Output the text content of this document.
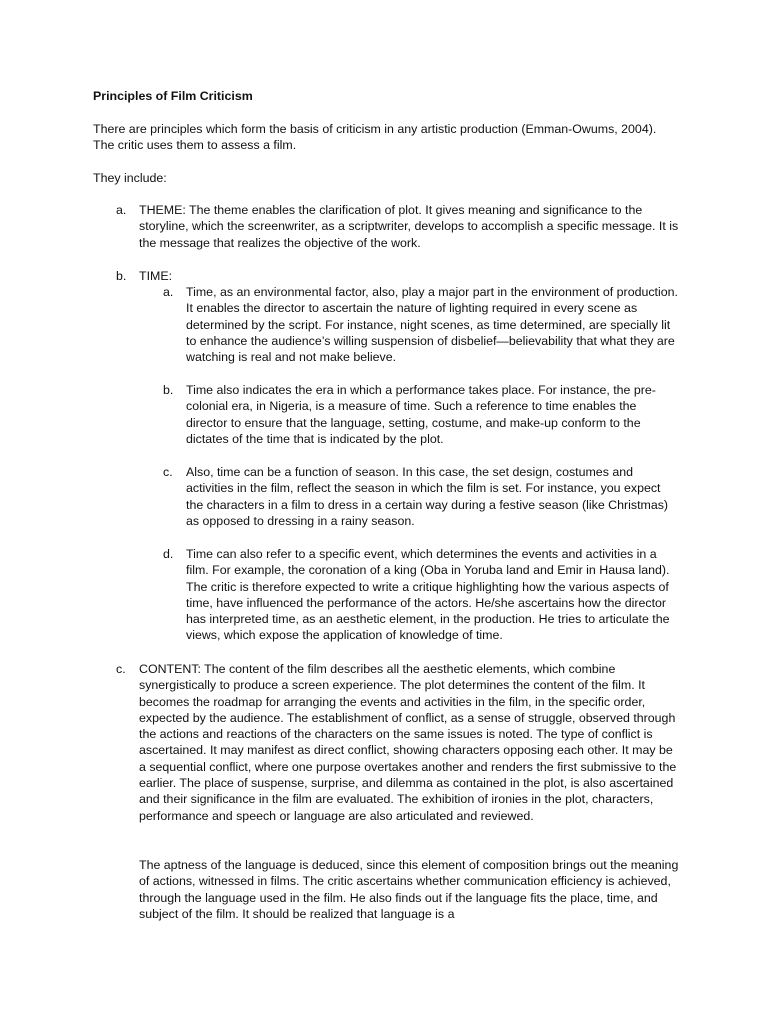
Principles of Film Criticism
There are principles which form the basis of criticism in any artistic production (Emman-Owums, 2004). The critic uses them to assess a film.
They include:
a. THEME: The theme enables the clarification of plot. It gives meaning and significance to the storyline, which the screenwriter, as a scriptwriter, develops to accomplish a specific message. It is the message that realizes the objective of the work.
b. TIME:
a. Time, as an environmental factor, also, play a major part in the environment of production. It enables the director to ascertain the nature of lighting required in every scene as determined by the script. For instance, night scenes, as time determined, are specially lit to enhance the audience’s willing suspension of disbelief—believability that what they are watching is real and not make believe.
b. Time also indicates the era in which a performance takes place. For instance, the pre-colonial era, in Nigeria, is a measure of time. Such a reference to time enables the director to ensure that the language, setting, costume, and make-up conform to the dictates of the time that is indicated by the plot.
c. Also, time can be a function of season. In this case, the set design, costumes and activities in the film, reflect the season in which the film is set. For instance, you expect the characters in a film to dress in a certain way during a festive season (like Christmas) as opposed to dressing in a rainy season.
d. Time can also refer to a specific event, which determines the events and activities in a film. For example, the coronation of a king (Oba in Yoruba land and Emir in Hausa land). The critic is therefore expected to write a critique highlighting how the various aspects of time, have influenced the performance of the actors. He/she ascertains how the director has interpreted time, as an aesthetic element, in the production. He tries to articulate the views, which expose the application of knowledge of time.
c. CONTENT: The content of the film describes all the aesthetic elements, which combine synergistically to produce a screen experience. The plot determines the content of the film. It becomes the roadmap for arranging the events and activities in the film, in the specific order, expected by the audience. The establishment of conflict, as a sense of struggle, observed through the actions and reactions of the characters on the same issues is noted. The type of conflict is ascertained. It may manifest as direct conflict, showing characters opposing each other. It may be a sequential conflict, where one purpose overtakes another and renders the first submissive to the earlier. The place of suspense, surprise, and dilemma as contained in the plot, is also ascertained and their significance in the film are evaluated. The exhibition of ironies in the plot, characters, performance and speech or language are also articulated and reviewed.
The aptness of the language is deduced, since this element of composition brings out the meaning of actions, witnessed in films. The critic ascertains whether communication efficiency is achieved, through the language used in the film. He also finds out if the language fits the place, time, and subject of the film. It should be realized that language is a
